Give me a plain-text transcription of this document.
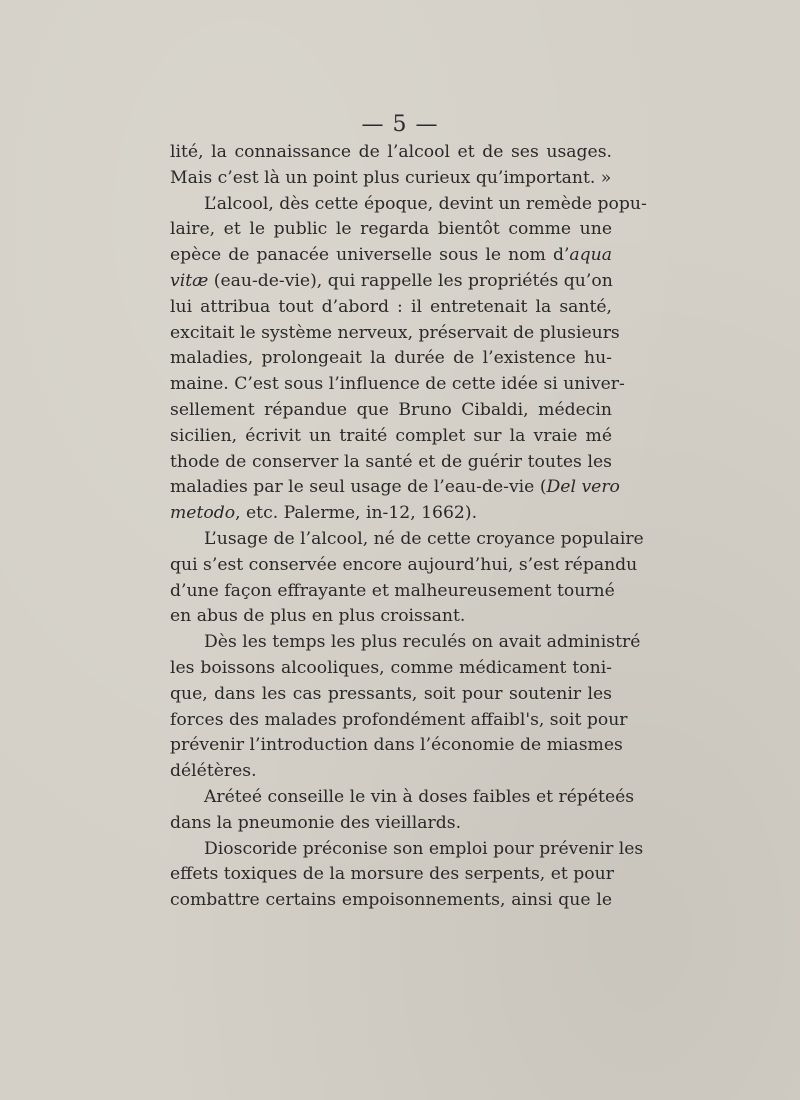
— 5 —
lité, la connaissance de l’alcool et de ses usages.
Mais c’est là un point plus curieux qu’important. »
L’alcool, dès cette époque, devint un remède popu-
laire, et le public le regarda bientôt comme une
epèce de panacée universelle sous le nom d’aqua
vitæ (eau-de-vie), qui rappelle les propriétés qu’on
lui attribua tout d’abord : il entretenait la santé,
excitait le système nerveux, préservait de plusieurs
maladies, prolongeait la durée de l’existence hu-
maine. C’est sous l’influence de cette idée si univer-
sellement répandue que Bruno Cibaldi, médecin
sicilien, écrivit un traité complet sur la vraie mé
thode de conserver la santé et de guérir toutes les
maladies par le seul usage de l’eau-de-vie (Del vero
metodo, etc. Palerme, in-12, 1662).
L’usage de l’alcool, né de cette croyance populaire
qui s’est conservée encore aujourd’hui, s’est répandu
d’une façon effrayante et malheureusement tourné
en abus de plus en plus croissant.
Dès les temps les plus reculés on avait administré
les boissons alcooliques, comme médicament toni-
que, dans les cas pressants, soit pour soutenir les
forces des malades profondément affaibl's, soit pour
prévenir l’introduction dans l’économie de miasmes
délétères.
Aréteé conseille le vin à doses faibles et répéteés
dans la pneumonie des vieillards.
Dioscoride préconise son emploi pour prévenir les
effets toxiques de la morsure des serpents, et pour
combattre certains empoisonnements, ainsi que le
